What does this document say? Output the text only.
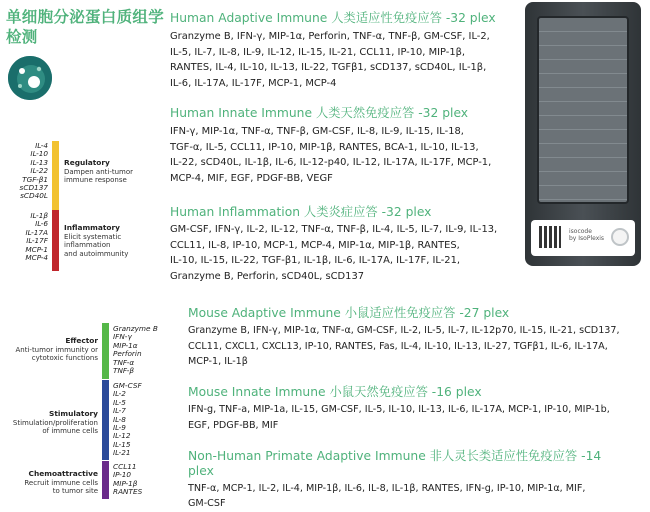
单细胞分泌蛋白质组学检测
Human Adaptive Immune 人类适应性免疫应答 -32 plex
Granzyme B, IFN-γ, MIP-1α, Perforin, TNF-α, TNF-β, GM-CSF, IL-2,
IL-5, IL-7, IL-8, IL-9, IL-12, IL-15, IL-21, CCL11, IP-10, MIP-1β,
RANTES, IL-4, IL-10, IL-13, IL-22, TGFβ1, sCD137, sCD40L, IL-1β,
IL-6, IL-17A, IL-17F, MCP-1, MCP-4
Human Innate Immune 人类天然免疫应答 -32 plex
IFN-γ, MIP-1α, TNF-α, TNF-β, GM-CSF, IL-8, IL-9, IL-15, IL-18,
TGF-α, IL-5, CCL11, IP-10, MIP-1β, RANTES, BCA-1, IL-10, IL-13,
IL-22, sCD40L, IL-1β, IL-6, IL-12-p40, IL-12, IL-17A, IL-17F, MCP-1,
MCP-4, MIF, EGF, PDGF-BB, VEGF
Human Inflammation 人类炎症应答 -32 plex
GM-CSF, IFN-γ, IL-2, IL-12, TNF-α, TNF-β, IL-4, IL-5, IL-7, IL-9, IL-13,
CCL11, IL-8, IP-10, MCP-1, MCP-4, MIP-1α, MIP-1β, RANTES,
IL-10, IL-15, IL-22, TGF-β1, IL-1β, IL-6, IL-17A, IL-17F, IL-21,
Granzyme B, Perforin, sCD40L, sCD137
Mouse Adaptive Immune 小鼠适应性免疫应答 -27 plex
Granzyme B, IFN-γ, MIP-1α, TNF-α, GM-CSF, IL-2, IL-5, IL-7, IL-12p70, IL-15, IL-21, sCD137,
CCL11, CXCL1, CXCL13, IP-10, RANTES, Fas, IL-4, IL-10, IL-13, IL-27, TGFβ1, IL-6, IL-17A,
MCP-1, IL-1β
Mouse Innate Immune 小鼠天然免疫应答 -16 plex
IFN-g, TNF-a, MIP-1a, IL-15, GM-CSF, IL-5, IL-10, IL-13, IL-6, IL-17A, MCP-1, IP-10, MIP-1b,
EGF, PDGF-BB, MIF
Non-Human Primate Adaptive Immune 非人灵长类适应性免疫应答 -14
plex
TNF-α, MCP-1, IL-2, IL-4, MIP-1β, IL-6, IL-8, IL-1β, RANTES, IFN-g, IP-10, MIP-1α, MIF,
GM-CSF
isocode
by IsoPlexis
IL-4
IL-10
IL-13
IL-22
TGF-β1
sCD137
sCD40L
Regulatory
Dampen anti-tumor
immune response
IL-1β
IL-6
IL-17A
IL-17F
MCP-1
MCP-4
Inflammatory
Elicit systematic
inflammation
and autoimmunity
Effector
Anti-tumor immunity or
cytotoxic functions
Granzyme B
IFN-γ
MIP-1α
Perforin
TNF-α
TNF-β
Stimulatory
Stimulation/proliferation
of immune cells
GM-CSF
IL-2
IL-5
IL-7
IL-8
IL-9
IL-12
IL-15
IL-21
Chemoattractive
Recruit immune cells
to tumor site
CCL11
IP-10
MIP-1β
RANTES
